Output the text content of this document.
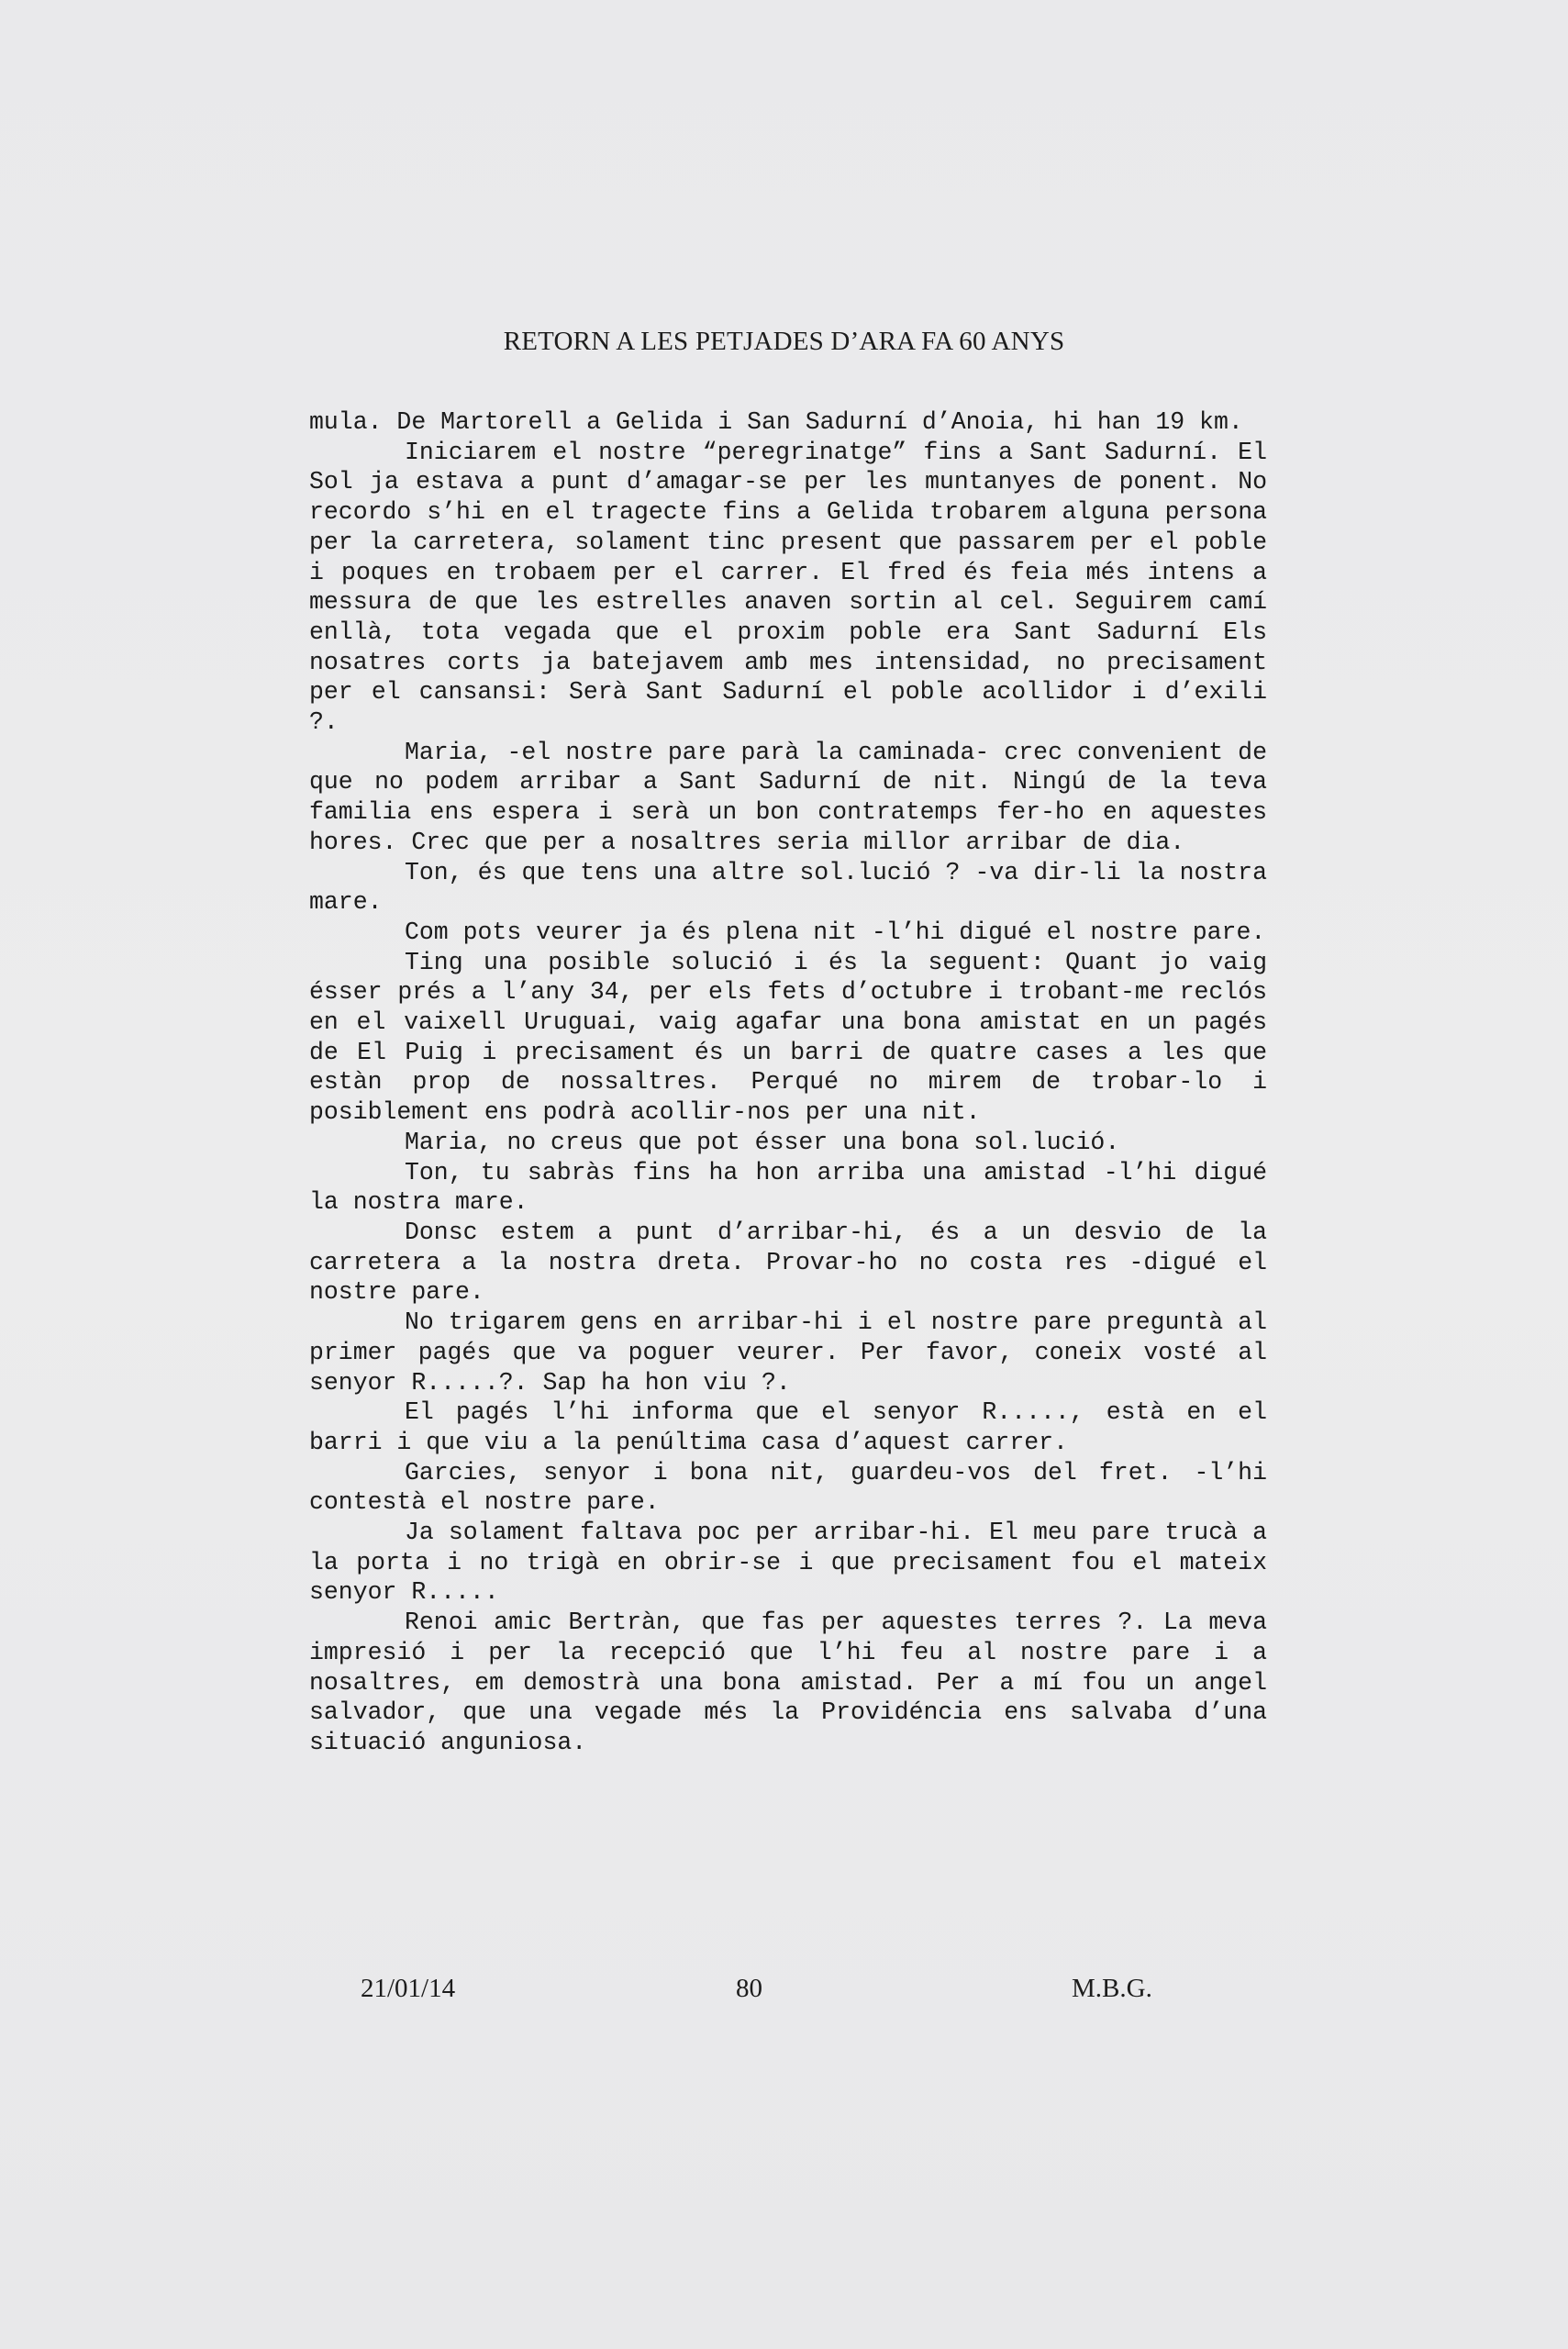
RETORN A LES PETJADES D’ARA FA 60 ANYS

mula. De Martorell a Gelida i San Sadurní d’Anoia, hi han 19 km.

Iniciarem el nostre “peregrinatge” fins a Sant Sadurní. El Sol ja estava a punt d’amagar-se per les muntanyes de ponent. No recordo s’hi en el tragecte fins a Gelida trobarem alguna persona per la carretera, solament tinc present que passarem per el poble i poques en trobaem per el carrer. El fred és feia més intens a messura de que les estrelles anaven sortin al cel. Seguirem camí enllà, tota vegada que el proxim poble era Sant Sadurní Els nosatres corts ja batejavem amb mes intensidad, no precisament per el cansansi: Serà Sant Sadurní el poble acollidor i d’exili ?.

Maria, -el nostre pare parà la caminada- crec convenient de que no podem arribar a Sant Sadurní de nit. Ningú de la teva familia ens espera i serà un bon contratemps fer-ho en aquestes hores. Crec que per a nosaltres seria millor arribar de dia.

Ton, és que tens una altre sol.lució ? -va dir-li la nostra mare.

Com pots veurer ja és plena nit -l’hi digué el nostre pare.

Ting una posible solució i és la seguent: Quant jo vaig ésser prés a l’any 34, per els fets d’octubre i trobant-me reclós en el vaixell Uruguai, vaig agafar una bona amistat en un pagés de El Puig i precisament és un barri de quatre cases a les que estàn prop de nossaltres. Perqué no mirem de trobar-lo i posiblement ens podrà acollir-nos per una nit.

Maria, no creus que pot ésser una bona sol.lució.

Ton, tu sabràs fins ha hon arriba una amistad -l’hi digué la nostra mare.

Donsc estem a punt d’arribar-hi, és a un desvio de la carretera a la nostra dreta. Provar-ho no costa res -digué el nostre pare.

No trigarem gens en arribar-hi i el nostre pare preguntà al primer pagés que va poguer veurer. Per favor, coneix vosté al senyor R.....?. Sap ha hon viu ?.

El pagés l’hi informa que el senyor R....., està en el barri i que viu a la penúltima casa d’aquest carrer.

Garcies, senyor i bona nit, guardeu-vos del fret. -l’hi contestà el nostre pare.

Ja solament faltava poc per arribar-hi. El meu pare trucà a la porta i no trigà en obrir-se i que precisament fou el mateix senyor R.....

Renoi amic Bertràn, que fas per aquestes terres ?. La meva impresió i per la recepció que l’hi feu al nostre pare i a nosaltres, em demostrà una bona amistad. Per a mí fou un angel salvador, que una vegade més la Providéncia ens salvaba d’una situació anguniosa.

21/01/14	80	M.B.G.
